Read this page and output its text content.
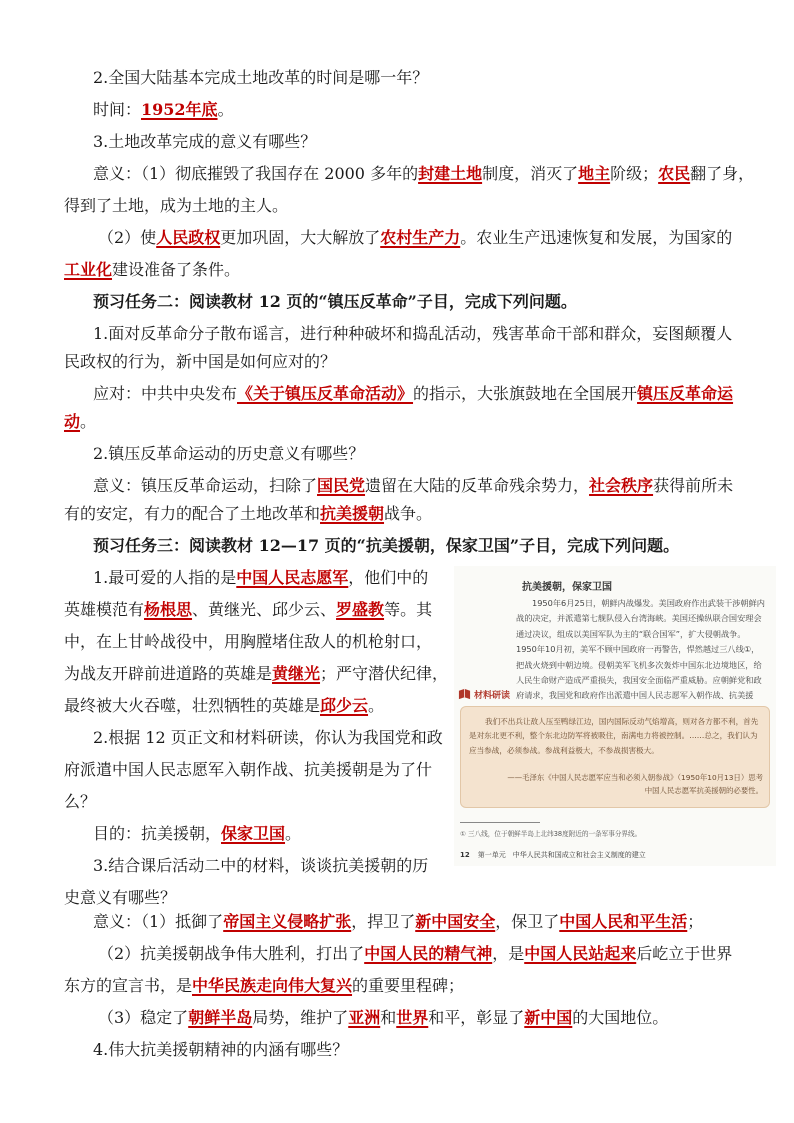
2.全国大陆基本完成土地改革的时间是哪一年？
时间：1952年底。
3.土地改革完成的意义有哪些？
意义：（1）彻底摧毁了我国存在 2000 多年的封建土地制度，消灭了地主阶级；农民翻了身，
得到了土地，成为土地的主人。
（2）使人民政权更加巩固，大大解放了农村生产力。农业生产迅速恢复和发展，为国家的
工业化建设准备了条件。
预习任务二：阅读教材 12 页的“镇压反革命”子目，完成下列问题。
1.面对反革命分子散布谣言，进行种种破坏和捣乱活动，残害革命干部和群众，妄图颠覆人
民政权的行为，新中国是如何应对的？
应对：中共中央发布《关于镇压反革命活动》的指示，大张旗鼓地在全国展开镇压反革命运
动。
2.镇压反革命运动的历史意义有哪些？
意义：镇压反革命运动，扫除了国民党遗留在大陆的反革命残余势力，社会秩序获得前所未
有的安定，有力的配合了土地改革和抗美援朝战争。
预习任务三：阅读教材 12—17 页的“抗美援朝，保家卫国”子目，完成下列问题。
1.最可爱的人指的是中国人民志愿军，他们中的
英雄模范有杨根思、黄继光、邱少云、罗盛教等。其
中，在上甘岭战役中，用胸膛堵住敌人的机枪射口，
为战友开辟前进道路的英雄是黄继光；严守潜伏纪律，
最终被大火吞噬，壮烈牺牲的英雄是邱少云。
2.根据 12 页正文和材料研读，你认为我国党和政
府派遣中国人民志愿军入朝作战、抗美援朝是为了什
么？
目的：抗美援朝，保家卫国。
3.结合课后活动二中的材料，谈谈抗美援朝的历
史意义有哪些？
意义：（1）抵御了帝国主义侵略扩张，捍卫了新中国安全，保卫了中国人民和平生活；
（2）抗美援朝战争伟大胜利，打出了中国人民的精气神，是中国人民站起来后屹立于世界
东方的宣言书，是中华民族走向伟大复兴的重要里程碑；
（3）稳定了朝鲜半岛局势，维护了亚洲和世界和平，彰显了新中国的大国地位。
4.伟大抗美援朝精神的内涵有哪些？
抗美援朝，保家卫国
1950年6月25日，朝鲜内战爆发。美国政府作出武装干涉朝鲜内战的决定，并派遣第七舰队侵入台湾海峡。美国还操纵联合国安理会通过决议，组成以美国军队为主的“联合国军”，扩大侵朝战争。1950年10月初，美军不顾中国政府一再警告，悍然越过三八线①，把战火烧到中朝边境。侵朝美军飞机多次轰炸中国东北边境地区，给人民生命财产造成严重损失，我国安全面临严重威胁。应朝鲜党和政府请求，我国党和政府作出派遣中国人民志愿军入朝作战、抗美援
材料研读
我们不出兵让敌人压至鸭绿江边，国内国际反动气焰增高，则对各方都不利，首先是对东北更不利，整个东北边防军将被吸住，南满电力将被控制。……总之，我们认为应当参战，必须参战。参战利益极大，不参战损害极大。
——毛泽东《中国人民志愿军应当和必须入朝参战》（1950年10月13日）思考中国人民志愿军抗美援朝的必要性。
① 三八线，位于朝鲜半岛上北纬38度附近的一条军事分界线。
12 第一单元　中华人民共和国成立和社会主义制度的建立
